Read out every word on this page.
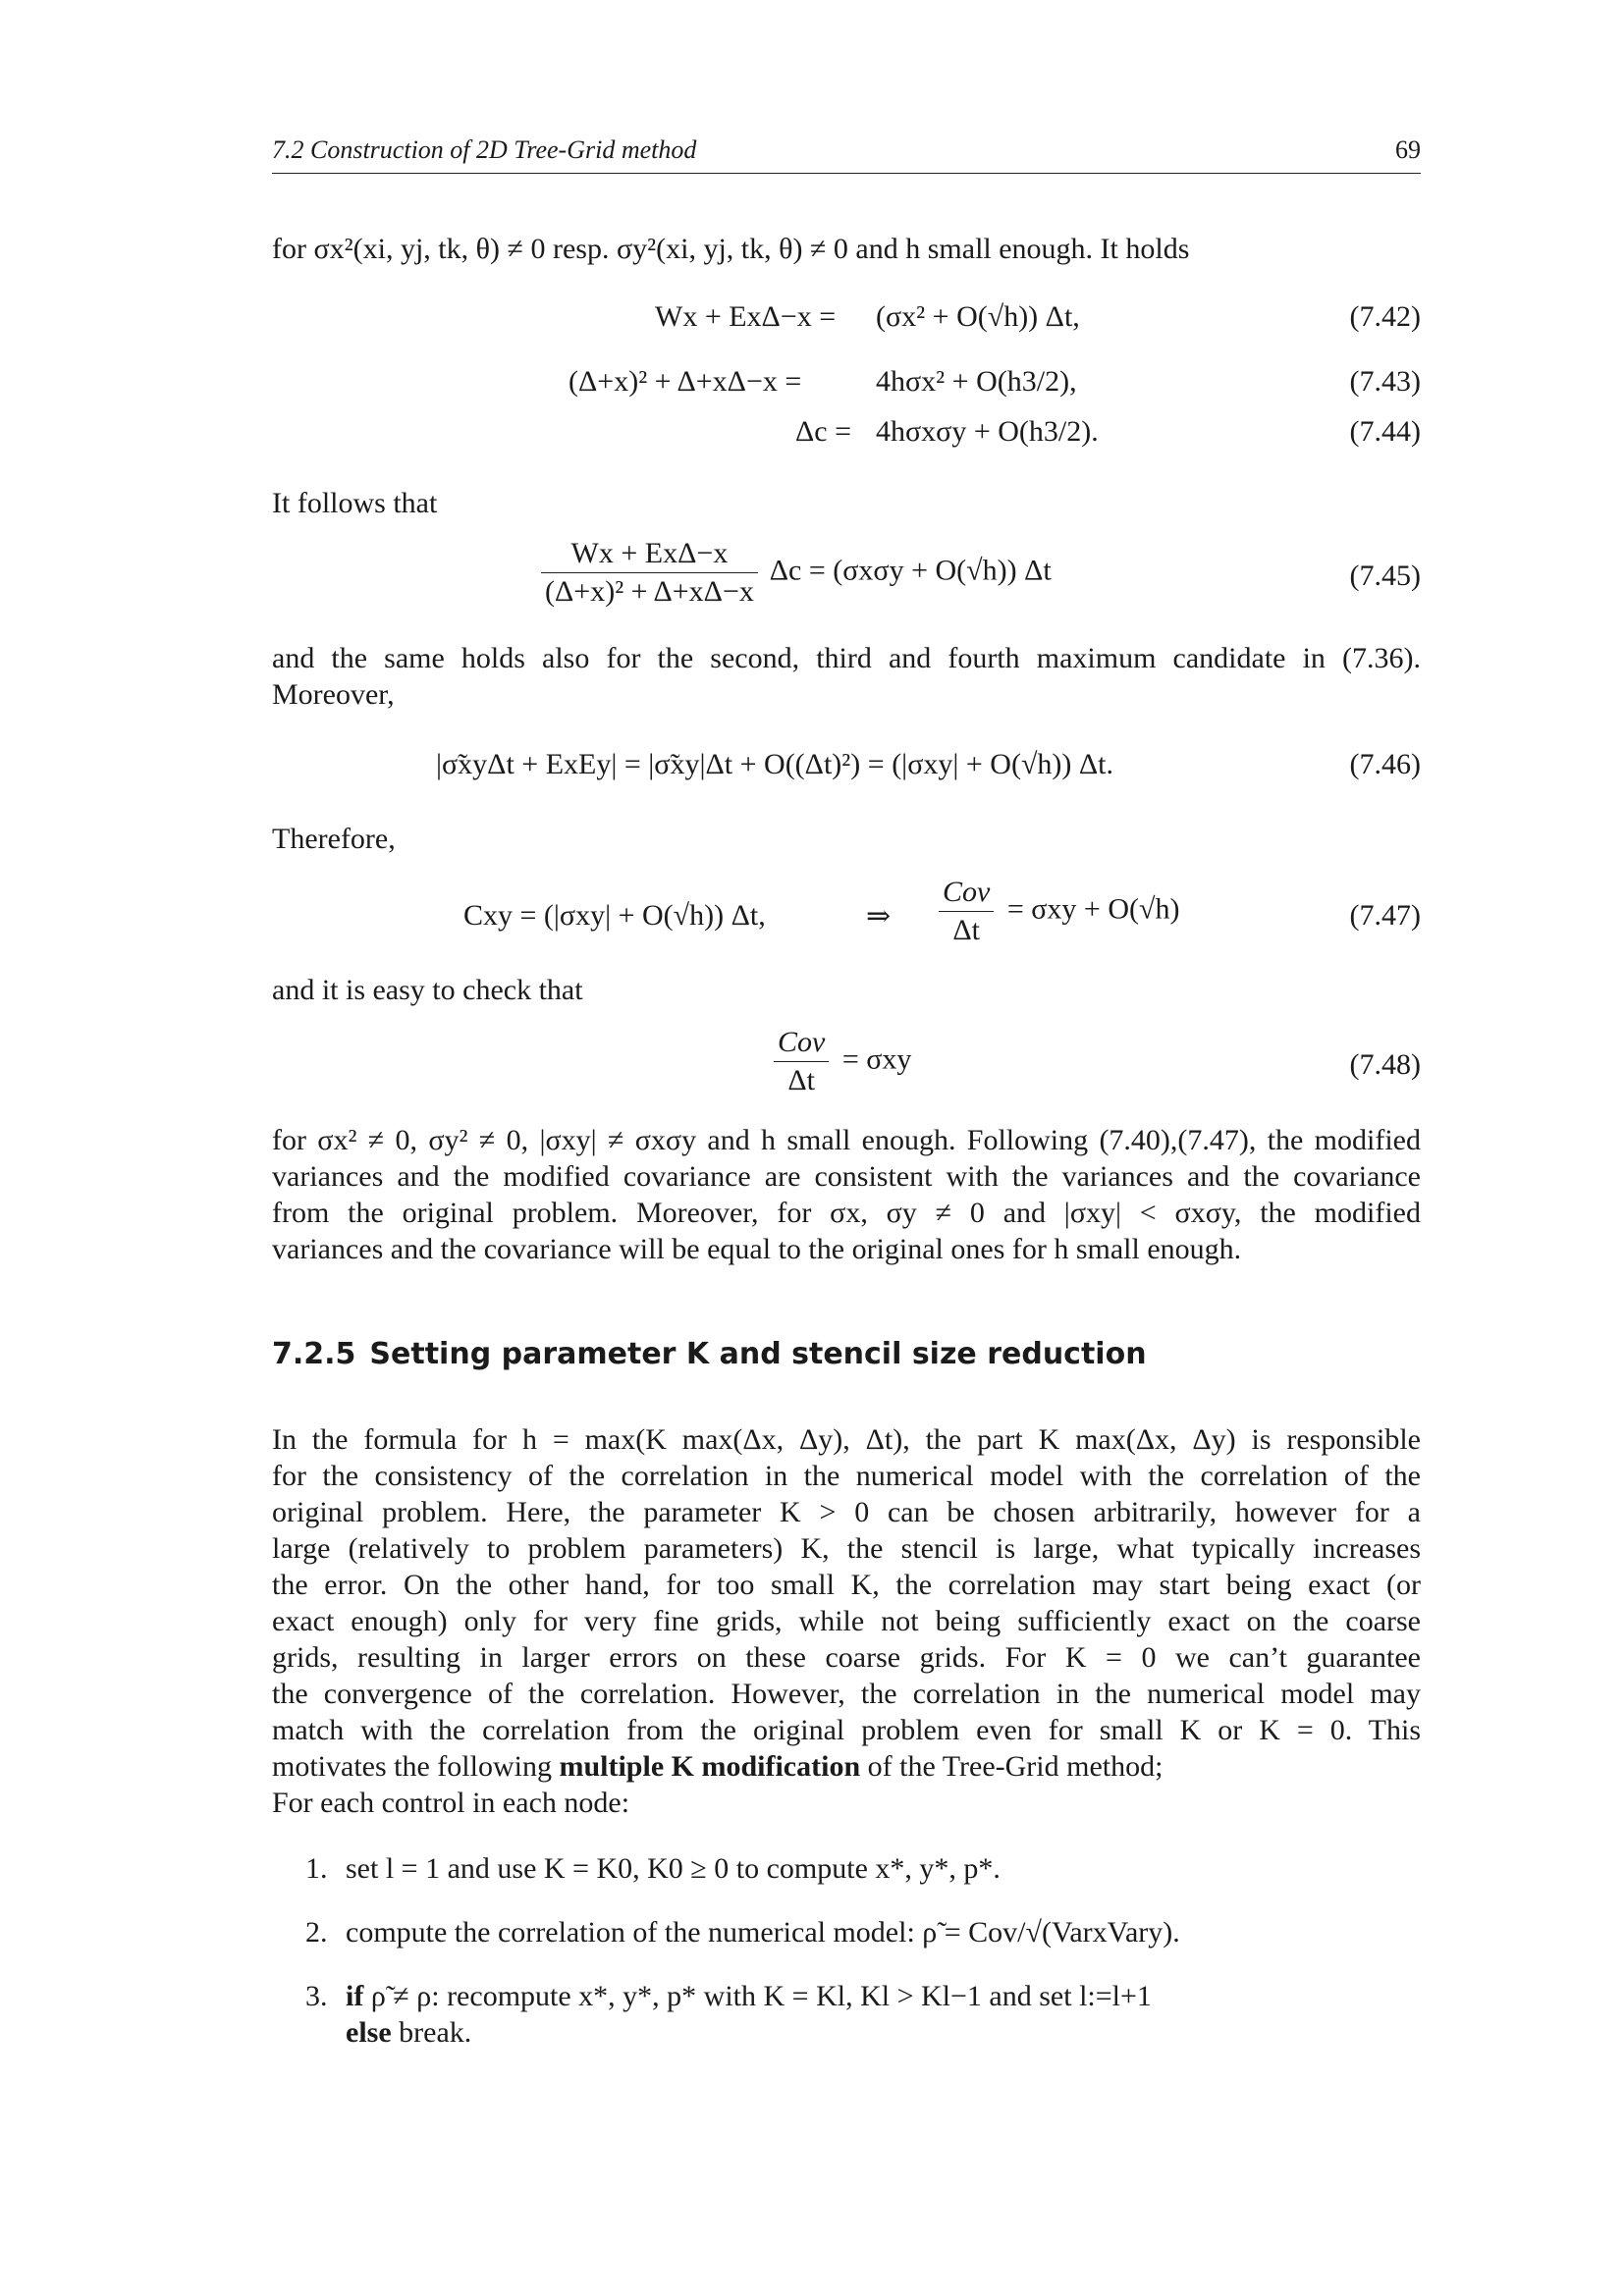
7.2 Construction of 2D Tree-Grid method	69
for σx²(xi, yj, tk, θ) ≠ 0 resp. σy²(xi, yj, tk, θ) ≠ 0 and h small enough. It holds
Wx + ExΔ−x = (σx² + O(√h)) Δt,	(7.42)
(Δ+x)² + Δ+xΔ−x =	4hσx² + O(h3/2),	(7.43)
Δc = 4hσxσy + O(h3/2).	(7.44)
It follows that
$\frac{\text{Wx + ExΔ−x}}{\text{(Δ+x)² + Δ+xΔ−x}}$ Δc = (σxσy + O(√h)) Δt	(7.45)
and the same holds also for the second, third and fourth maximum candidate in (7.36).
Moreover,
|σ̃xyΔt + ExEy| = |σ̃xy|Δt + O((Δt)²) = (|σxy| + O(√h)) Δt.	(7.46)
Therefore,
Cxy = (|σxy| + O(√h)) Δt,	⇒ $\frac{\text{Cov}}{\Delta t} = \sigma xy + O(√h)$	(7.47)
and it is easy to check that
$\frac{\text{Cov}}{\Delta t} = \sigma xy$	(7.48)
for σx² ≠ 0, σy² ≠ 0, |σxy| ≠ σxσy and h small enough. Following (7.40),(7.47), the modified
variances and the modified covariance are consistent with the variances and the covariance
from the original problem. Moreover, for σx, σy ≠ 0 and |σxy| < σxσy, the modified
variances and the covariance will be equal to the original ones for h small enough.
7.2.5 Setting parameter K and stencil size reduction
In the formula for h = max(K max(Δx, Δy), Δt), the part K max(Δx, Δy) is responsible
for the consistency of the correlation in the numerical model with the correlation of the
original problem. Here, the parameter K > 0 can be chosen arbitrarily, however for a
large (relatively to problem parameters) K, the stencil is large, what typically increases
the error. On the other hand, for too small K, the correlation may start being exact (or
exact enough) only for very fine grids, while not being sufficiently exact on the coarse
grids, resulting in larger errors on these coarse grids. For K = 0 we can’t guarantee
the convergence of the correlation. However, the correlation in the numerical model may
match with the correlation from the original problem even for small K or K = 0. This
motivates the following multiple K modification of the Tree-Grid method;
For each control in each node:
1. set l = 1 and use K = K0, K0 ≥ 0 to compute x*, y*, p*.
2. compute the correlation of the numerical model: ρ̃ = Cov/√(VarxVary).
3. if ρ̃ ≠ ρ: recompute x*, y*, p* with K = Kl, Kl > Kl−1 and set l:=l+1
else break.
